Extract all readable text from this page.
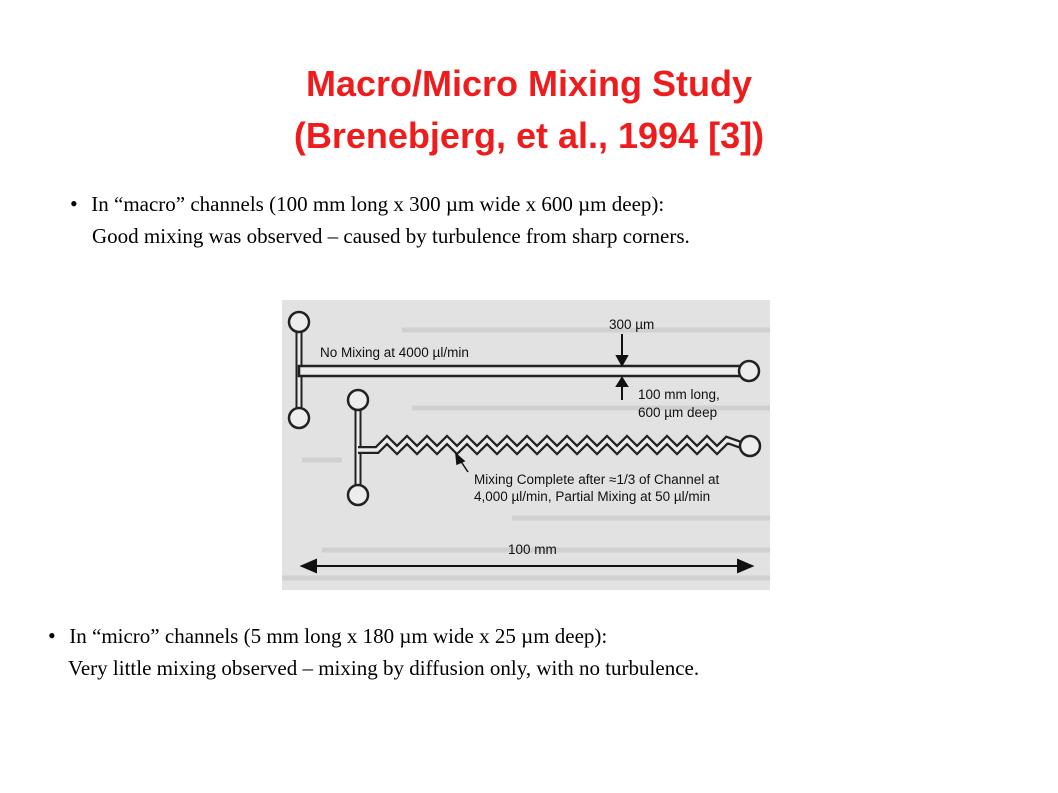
Macro/Micro Mixing Study
(Brenebjerg, et al., 1994 [3])
• In “macro” channels (100 mm long x 300 µm wide x 600 µm deep):
Good mixing was observed – caused by turbulence from sharp corners.
No Mixing at 4000 µl/min
300 µm
100 mm long,
600 µm deep
Mixing Complete after ≈1/3 of Channel at
4,000 µl/min, Partial Mixing at 50 µl/min
100 mm
• In “micro” channels (5 mm long x 180 µm wide x 25 µm deep):
Very little mixing observed – mixing by diffusion only, with no turbulence.
